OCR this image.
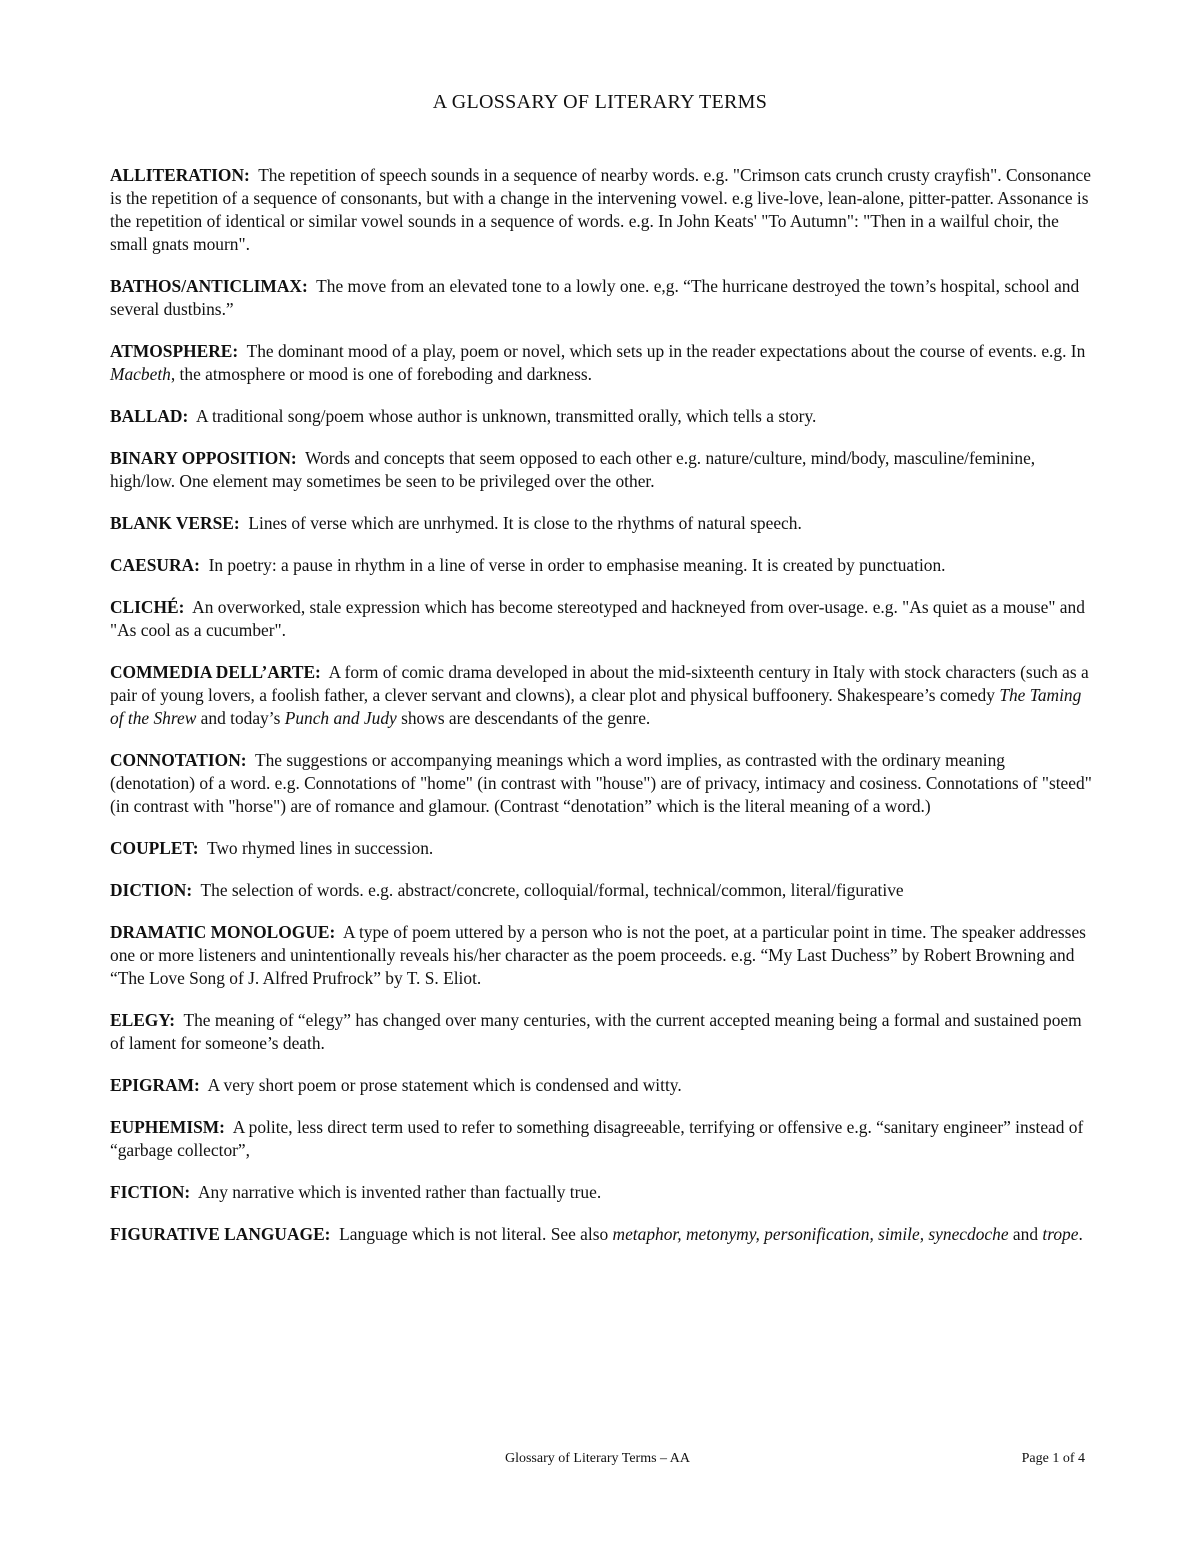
A GLOSSARY OF LITERARY TERMS

ALLITERATION: The repetition of speech sounds in a sequence of nearby words. e.g. "Crimson cats crunch crusty crayfish". Consonance is the repetition of a sequence of consonants, but with a change in the intervening vowel. e.g live-love, lean-alone, pitter-patter. Assonance is the repetition of identical or similar vowel sounds in a sequence of words. e.g. In John Keats' "To Autumn": "Then in a wailful choir, the small gnats mourn".

BATHOS/ANTICLIMAX: The move from an elevated tone to a lowly one. e,g. “The hurricane destroyed the town’s hospital, school and several dustbins.”

ATMOSPHERE: The dominant mood of a play, poem or novel, which sets up in the reader expectations about the course of events. e.g. In Macbeth, the atmosphere or mood is one of foreboding and darkness.

BALLAD: A traditional song/poem whose author is unknown, transmitted orally, which tells a story.

BINARY OPPOSITION: Words and concepts that seem opposed to each other e.g. nature/culture, mind/body, masculine/feminine, high/low. One element may sometimes be seen to be privileged over the other.

BLANK VERSE: Lines of verse which are unrhymed. It is close to the rhythms of natural speech.

CAESURA: In poetry: a pause in rhythm in a line of verse in order to emphasise meaning. It is created by punctuation.

CLICHÉ: An overworked, stale expression which has become stereotyped and hackneyed from over-usage. e.g. "As quiet as a mouse" and "As cool as a cucumber".

COMMEDIA DELL’ARTE: A form of comic drama developed in about the mid-sixteenth century in Italy with stock characters (such as a pair of young lovers, a foolish father, a clever servant and clowns), a clear plot and physical buffoonery. Shakespeare’s comedy The Taming of the Shrew and today’s Punch and Judy shows are descendants of the genre.

CONNOTATION: The suggestions or accompanying meanings which a word implies, as contrasted with the ordinary meaning (denotation) of a word. e.g. Connotations of "home" (in contrast with "house") are of privacy, intimacy and cosiness. Connotations of "steed" (in contrast with "horse") are of romance and glamour. (Contrast “denotation” which is the literal meaning of a word.)

COUPLET: Two rhymed lines in succession.

DICTION: The selection of words. e.g. abstract/concrete, colloquial/formal, technical/common, literal/figurative

DRAMATIC MONOLOGUE: A type of poem uttered by a person who is not the poet, at a particular point in time. The speaker addresses one or more listeners and unintentionally reveals his/her character as the poem proceeds. e.g. “My Last Duchess” by Robert Browning and “The Love Song of J. Alfred Prufrock” by T. S. Eliot.

ELEGY: The meaning of “elegy” has changed over many centuries, with the current accepted meaning being a formal and sustained poem of lament for someone’s death.

EPIGRAM: A very short poem or prose statement which is condensed and witty.

EUPHEMISM: A polite, less direct term used to refer to something disagreeable, terrifying or offensive e.g. “sanitary engineer” instead of “garbage collector”,

FICTION: Any narrative which is invented rather than factually true.

FIGURATIVE LANGUAGE: Language which is not literal. See also metaphor, metonymy, personification, simile, synecdoche and trope.

Glossary of Literary Terms – AA	Page 1 of 4
